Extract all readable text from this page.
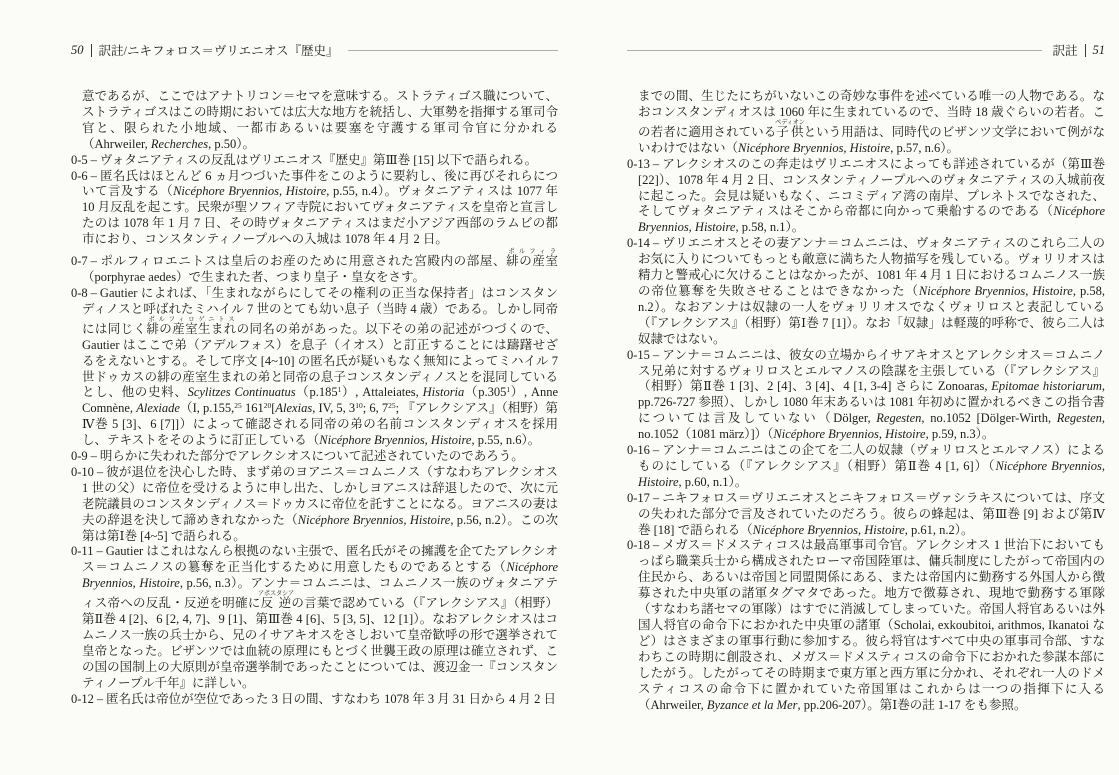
50 訳註/ニキフォロス＝ヴリエニオス『歴史』

意であるが、ここではアナトリコン＝セマを意味する。ストラティゴス職について、ストラティゴスはこの時期においては広大な地方を統括し、大軍勢を指揮する軍司令官と、限られた小地域、一都市あるいは要塞を守護する軍司令官に分かれる（Ahrweiler, Recherches, p.50）。

0-5 – ヴォタニアティスの反乱はヴリエニオス『歴史』第Ⅲ巻 [15] 以下で語られる。

0-6 – 匿名氏はほとんど 6 ヵ月つづいた事件をこのように要約し、後に再びそれらについて言及する（Nicéphore Bryennios, Histoire, p.55, n.4）。ヴォタニアティスは 1077 年 10 月反乱を起こす。民衆が聖ソフィア寺院においてヴォタニアティスを皇帝と宣言したのは 1078 年 1 月 7 日、その時ヴォタニアティスはまだ小アジア西部のラムビの都市におり、コンスタンティノープルへの入城は 1078 年 4 月 2 日。

0-7 – ポルフィロエニトスは皇后のお産のために用意された宮殿内の部屋、緋の産室ポルフィラ（porphyrae aedes）で生まれた者、つまり皇子・皇女をさす。

0-8 – Gautier によれば、「生まれながらにしてその権利の正当な保持者」はコンスタンディノスと呼ばれたミハイル 7 世のとても幼い息子（当時 4 歳）である。しかし同帝には同じく緋の産室生まれポルフィロゲニトスの同名の弟があった。以下その弟の記述がつづくので、Gautier はここで弟（アデルフォス）を息子（イオス）と訂正することには躊躇せざるをえないとする。そして序文 [4~10] の匿名氏が疑いもなく無知によってミハイル 7 世ドゥカスの緋の産室生まれの弟と同帝の息子コンスタンディノスとを混同しているとし、他の史料、Scylitzes Continuatus（p.185$^1$）, Attaleiates, Historia（p.305$^1$）, Anne Comnène, Alexiade（I, p.155,25 $161^{20}[Alexias$, IV, 5, $3^{10}$; 6, $7^{25}$; 『アレクシアス』（相野）第Ⅳ巻 5 [3]、6 [7]]）によって確認される同帝の弟の名前コンスタンディオスを採用し、テキストをそのように訂正している（Nicéphore Bryennios, Histoire, p.55, n.6）。

0-9 – 明らかに失われた部分でアレクシオスについて記述されていたのであろう。

0-10 – 彼が退位を決心した時、まず弟のヨアニス＝コムニノス（すなわちアレクシオス 1 世の父）に帝位を受けるように申し出た、しかしヨアニスは辞退したので、次に元老院議員のコンスタンディノス＝ドゥカスに帝位を託すことになる。ヨアニスの妻は夫の辞退を決して諦めきれなかった（Nicéphore Bryennios, Histoire, p.56, n.2）。この次第は第Ⅰ巻 [4~5] で語られる。

0-11 – Gautier はこれはなんら根拠のない主張で、匿名氏がその擁護を企てたアレクシオス＝コムニノスの簒奪を正当化するために用意したものであるとする（Nicéphore Bryennios, Histoire, p.56, n.3）。アンナ＝コムニニは、コムニノス一族のヴォタニアティス帝への反乱・反逆を明確に反逆アポスタシアの言葉で認めている（『アレクシアス』（相野）第Ⅱ巻 4 [2]、6 [2, 4, 7]、9 [1]、第Ⅲ巻 4 [6]、5 [3, 5]、12 [1]）。なおアレクシオスはコムニノス一族の兵士から、兄のイサアキオスをさしおいて皇帝歓呼の形で選挙されて皇帝となった。ビザンツでは血統の原理にもとづく世襲王政の原理は確立されず、この国の国制上の大原則が皇帝選挙制であったことについては、渡辺金一『コンスタンティノープル千年』に詳しい。

0-12 – 匿名氏は帝位が空位であった 3 日の間、すなわち 1078 年 3 月 31 日から 4 月 2 日

訳註 51

までの間、生じたにちがいないこの奇妙な事件を述べている唯一の人物である。なおコンスタンディオスは 1060 年に生まれているので、当時 18 歳ぐらいの若者。この若者に適用されている子供ペディオンという用語は、同時代のビザンツ文学において例がないわけではない（Nicéphore Bryennios, Histoire, p.57, n.6）。

0-13 – アレクシオスのこの奔走はヴリエニオスによっても詳述されているが（第Ⅲ巻 [22]）、1078 年 4 月 2 日、コンスタンティノープルへのヴォタニアティスの入城前夜に起こった。会見は疑いもなく、ニコミディア湾の南岸、プレネトスでなされた、そしてヴォタニアティスはそこから帝都に向かって乗船するのである（Nicéphore Bryennios, Histoire, p.58, n.1）。

0-14 – ヴリエニオスとその妻アンナ＝コムニニは、ヴォタニアティスのこれら二人のお気に入りについてもっとも敵意に満ちた人物描写を残している。ヴォリリオスは精力と警戒心に欠けることはなかったが、1081 年 4 月 1 日におけるコムニノス一族の帝位簒奪を失敗させることはできなかった（Nicéphore Bryennios, Histoire, p.58, n.2）。なおアンナは奴隷の一人をヴォリリオスでなくヴォリロスと表記している（『アレクシアス』（相野）第Ⅰ巻 7 [1]）。なお「奴隷」は軽蔑的呼称で、彼ら二人は奴隷ではない。

0-15 – アンナ＝コムニニは、彼女の立場からイサアキオスとアレクシオス＝コムニノス兄弟に対するヴォリロスとエルマノスの陰謀を主張している（『アレクシアス』（相野）第Ⅱ巻 1 [3]、2 [4]、3 [4]、4 [1, 3-4] さらに Zonoaras, Epitomae historiarum, pp.726-727 参照）、しかし 1080 年末あるいは 1081 年初めに置かれるべきこの指令書については言及していない（Dölger, Regesten, no.1052 [Dölger-Wirth, Regesten, no.1052（1081 märz）]）（Nicéphore Bryennios, Histoire, p.59, n.3）。

0-16 – アンナ＝コムニニはこの企てを二人の奴隷（ヴォリロスとエルマノス）によるものにしている（『アレクシアス』（相野）第Ⅱ巻 4 [1, 6]）（Nicéphore Bryennios, Histoire, p.60, n.1）。

0-17 – ニキフォロス＝ヴリエニオスとニキフォロス＝ヴァシラキスについては、序文の失われた部分で言及されていたのだろう。彼らの蜂起は、第Ⅲ巻 [9] および第Ⅳ巻 [18] で語られる（Nicéphore Bryennios, Histoire, p.61, n.2）。

0-18 – メガス＝ドメスティコスは最高軍事司令官。アレクシオス 1 世治下においてもっぱら職業兵士から構成されたローマ帝国陸軍は、傭兵制度にしたがって帝国内の住民から、あるいは帝国と同盟関係にある、または帝国内に勤務する外国人から徴募された中央軍の諸軍タグマタであった。地方で徴募され、現地で勤務する軍隊（すなわち諸セマの軍隊）はすでに消滅してしまっていた。帝国人将官あるいは外国人将官の命令下におかれた中央軍の諸軍（Scholai, exkoubitoi, arithmos, Ikanatoi など）はさまざまの軍事行動に参加する。彼ら将官はすべて中央の軍事司令部、すなわちこの時期に創設され、メガス＝ドメスティコスの命令下におかれた参謀本部にしたがう。したがってその時期まで東方軍と西方軍に分かれ、それぞれ一人のドメスティコスの命令下に置かれていた帝国軍はこれからは一つの指揮下に入る（Ahrweiler, Byzance et la Mer, pp.206-207）。第Ⅰ巻の註 1-17 をも参照。
